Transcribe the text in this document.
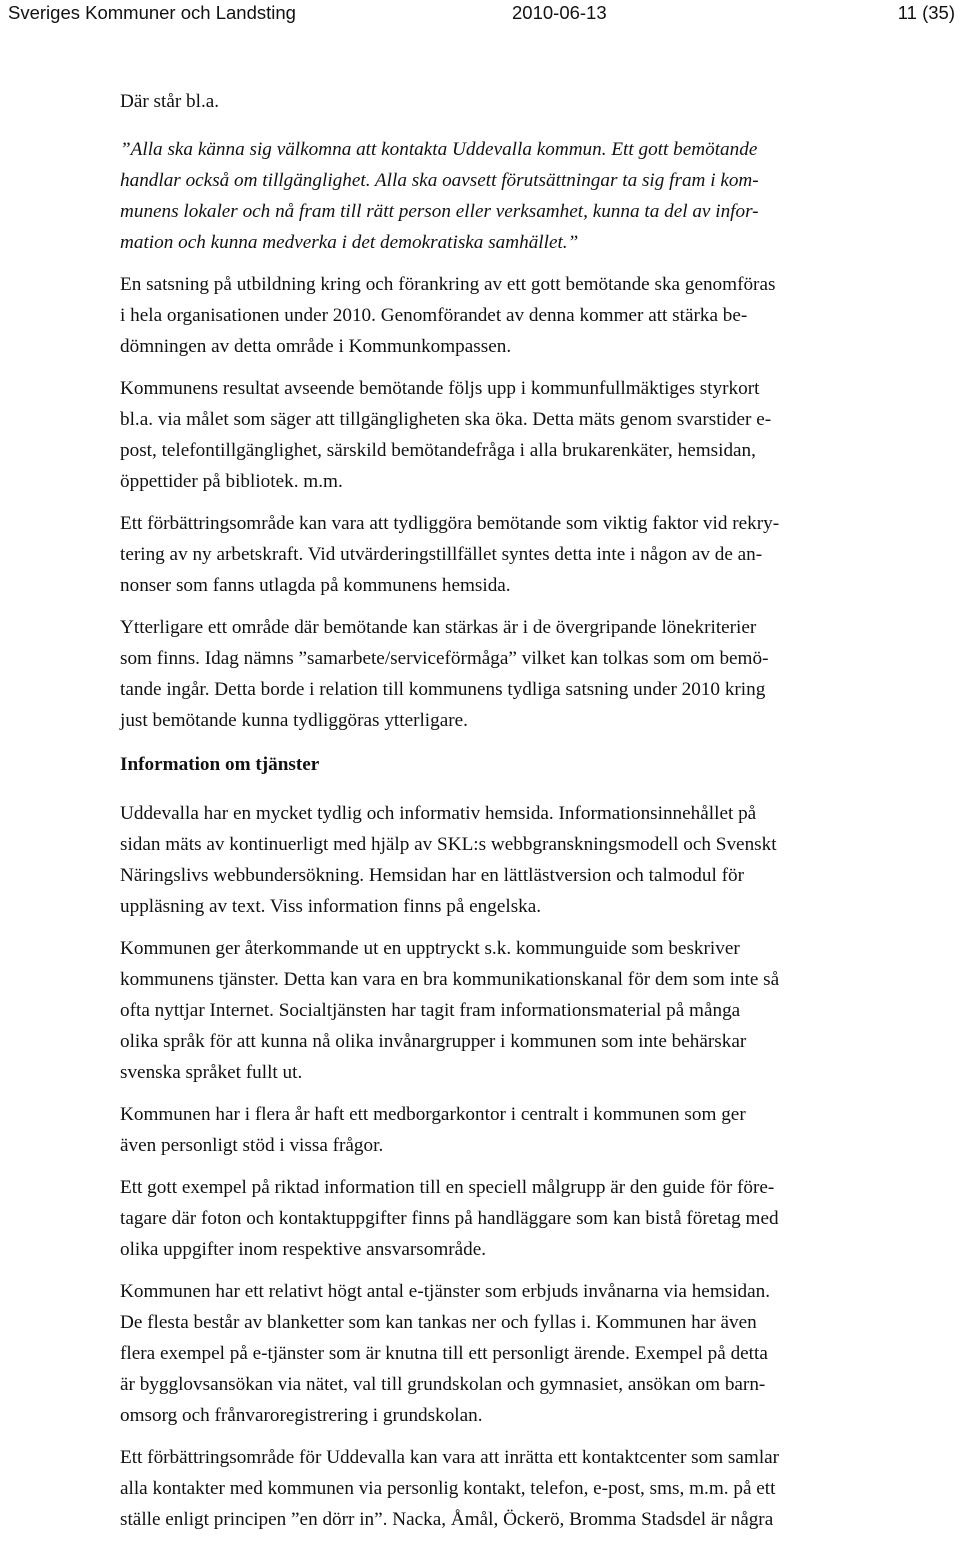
Sveriges Kommuner och Landsting	2010-06-13	11 (35)

Där står bl.a.

”Alla ska känna sig välkomna att kontakta Uddevalla kommun. Ett gott bemötande
handlar också om tillgänglighet. Alla ska oavsett förutsättningar ta sig fram i kom-
munens lokaler och nå fram till rätt person eller verksamhet, kunna ta del av infor-
mation och kunna medverka i det demokratiska samhället.”

En satsning på utbildning kring och förankring av ett gott bemötande ska genomföras
i hela organisationen under 2010. Genomförandet av denna kommer att stärka be-
dömningen av detta område i Kommunkompassen.

Kommunens resultat avseende bemötande följs upp i kommunfullmäktiges styrkort
bl.a. via målet som säger att tillgängligheten ska öka. Detta mäts genom svarstider e-
post, telefontillgänglighet, särskild bemötandefråga i alla brukarenkäter, hemsidan,
öppettider på bibliotek. m.m.

Ett förbättringsområde kan vara att tydliggöra bemötande som viktig faktor vid rekry-
tering av ny arbetskraft. Vid utvärderingstillfället syntes detta inte i någon av de an-
nonser som fanns utlagda på kommunens hemsida.

Ytterligare ett område där bemötande kan stärkas är i de övergripande lönekriterier
som finns. Idag nämns ”samarbete/serviceförmåga” vilket kan tolkas som om bemö-
tande ingår. Detta borde i relation till kommunens tydliga satsning under 2010 kring
just bemötande kunna tydliggöras ytterligare.

Information om tjänster

Uddevalla har en mycket tydlig och informativ hemsida. Informationsinnehållet på
sidan mäts av kontinuerligt med hjälp av SKL:s webbgranskningsmodell och Svenskt
Näringslivs webbundersökning. Hemsidan har en lättlästversion och talmodul för
uppläsning av text. Viss information finns på engelska.

Kommunen ger återkommande ut en upptryckt s.k. kommunguide som beskriver
kommunens tjänster. Detta kan vara en bra kommunikationskanal för dem som inte så
ofta nyttjar Internet. Socialtjänsten har tagit fram informationsmaterial på många
olika språk för att kunna nå olika invånargrupper i kommunen som inte behärskar
svenska språket fullt ut.

Kommunen har i flera år haft ett medborgarkontor i centralt i kommunen som ger
även personligt stöd i vissa frågor.

Ett gott exempel på riktad information till en speciell målgrupp är den guide för före-
tagare där foton och kontaktuppgifter finns på handläggare som kan bistå företag med
olika uppgifter inom respektive ansvarsområde.

Kommunen har ett relativt högt antal e-tjänster som erbjuds invånarna via hemsidan.
De flesta består av blanketter som kan tankas ner och fyllas i. Kommunen har även
flera exempel på e-tjänster som är knutna till ett personligt ärende. Exempel på detta
är bygglovsansökan via nätet, val till grundskolan och gymnasiet, ansökan om barn-
omsorg och frånvaroregistrering i grundskolan.

Ett förbättringsområde för Uddevalla kan vara att inrätta ett kontaktcenter som samlar
alla kontakter med kommunen via personlig kontakt, telefon, e-post, sms, m.m. på ett
ställe enligt principen ”en dörr in”. Nacka, Åmål, Öckerö, Bromma Stadsdel är några
